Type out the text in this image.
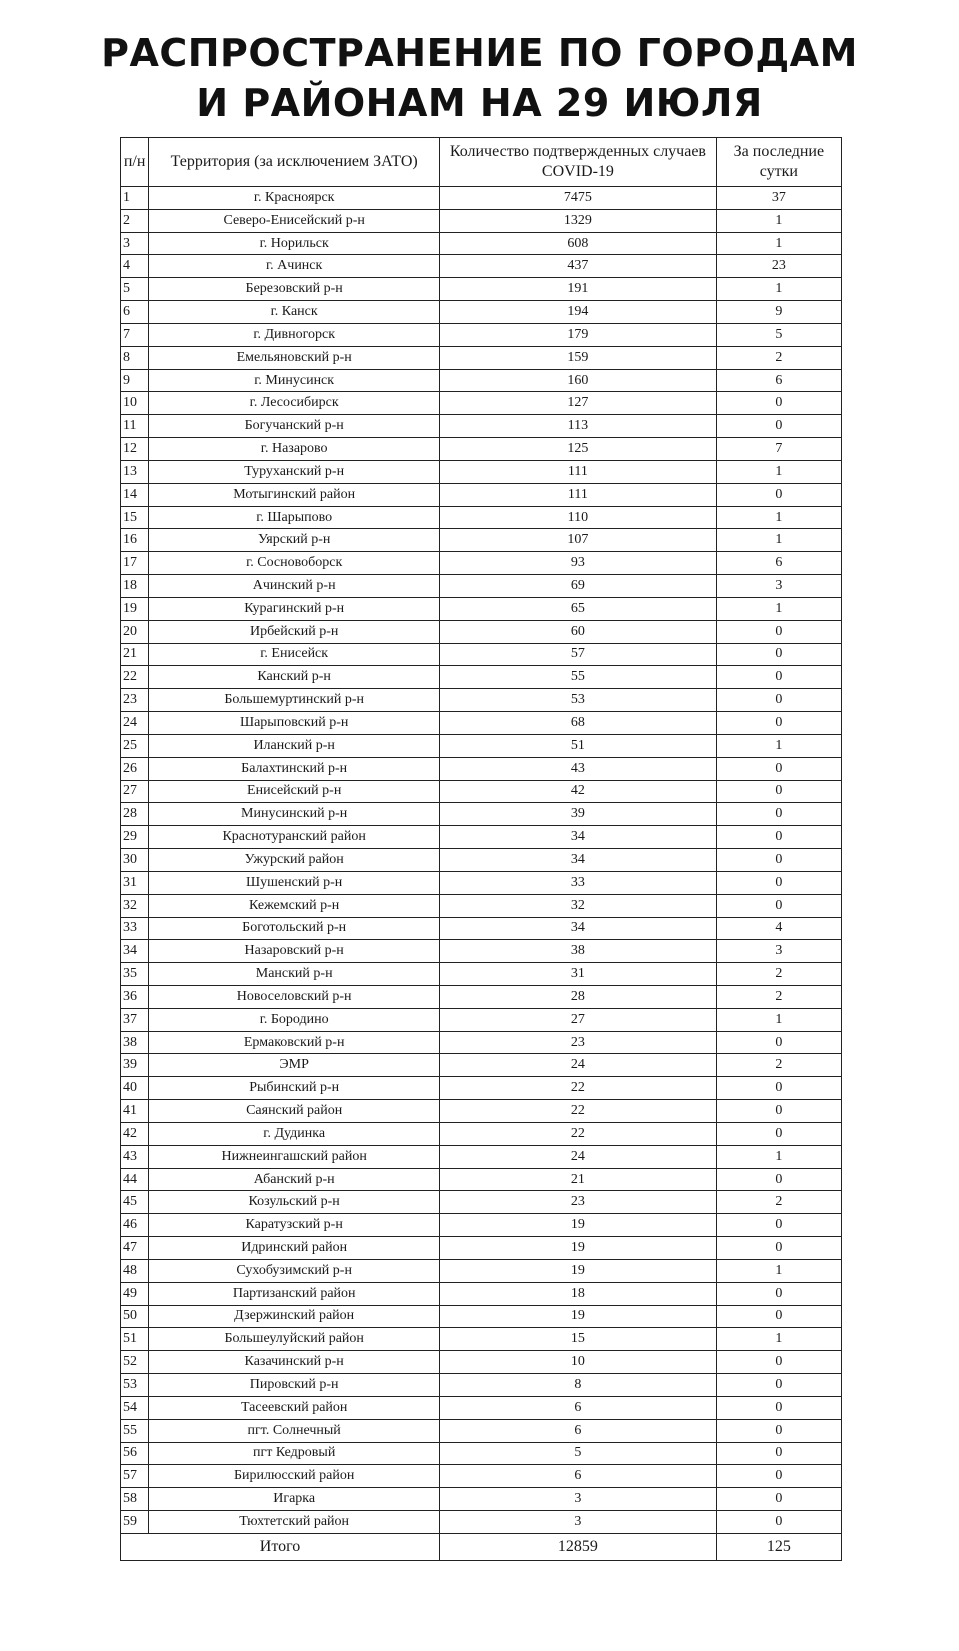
РАСПРОСТРАНЕНИЕ ПО ГОРОДАМ
И РАЙОНАМ НА 29 ИЮЛЯ
п/н	Территория (за исключением ЗАТО)	Количество подтвержденных случаев COVID-19	За последние сутки
1	г. Красноярск	7475	37
2	Северо-Енисейский р-н	1329	1
3	г. Норильск	608	1
4	г. Ачинск	437	23
5	Березовский р-н	191	1
6	г. Канск	194	9
7	г. Дивногорск	179	5
8	Емельяновский р-н	159	2
9	г. Минусинск	160	6
10	г. Лесосибирск	127	0
11	Богучанский р-н	113	0
12	г. Назарово	125	7
13	Туруханский р-н	111	1
14	Мотыгинский район	111	0
15	г. Шарыпово	110	1
16	Уярский р-н	107	1
17	г. Сосновоборск	93	6
18	Ачинский р-н	69	3
19	Курагинский р-н	65	1
20	Ирбейский р-н	60	0
21	г. Енисейск	57	0
22	Канский р-н	55	0
23	Большемуртинский р-н	53	0
24	Шарыповский р-н	68	0
25	Иланский р-н	51	1
26	Балахтинский р-н	43	0
27	Енисейский р-н	42	0
28	Минусинский р-н	39	0
29	Краснотуранский район	34	0
30	Ужурский район	34	0
31	Шушенский р-н	33	0
32	Кежемский р-н	32	0
33	Боготольский р-н	34	4
34	Назаровский р-н	38	3
35	Манский р-н	31	2
36	Новоселовский р-н	28	2
37	г. Бородино	27	1
38	Ермаковский р-н	23	0
39	ЭМР	24	2
40	Рыбинский р-н	22	0
41	Саянский район	22	0
42	г. Дудинка	22	0
43	Нижнеингашский район	24	1
44	Абанский р-н	21	0
45	Козульский р-н	23	2
46	Каратузский р-н	19	0
47	Идринский район	19	0
48	Сухобузимский р-н	19	1
49	Партизанский район	18	0
50	Дзержинский район	19	0
51	Большеулуйский район	15	1
52	Казачинский р-н	10	0
53	Пировский р-н	8	0
54	Тасеевский район	6	0
55	пгт. Солнечный	6	0
56	пгт Кедровый	5	0
57	Бирилюсский район	6	0
58	Игарка	3	0
59	Тюхтетский район	3	0
Итого		12859	125
